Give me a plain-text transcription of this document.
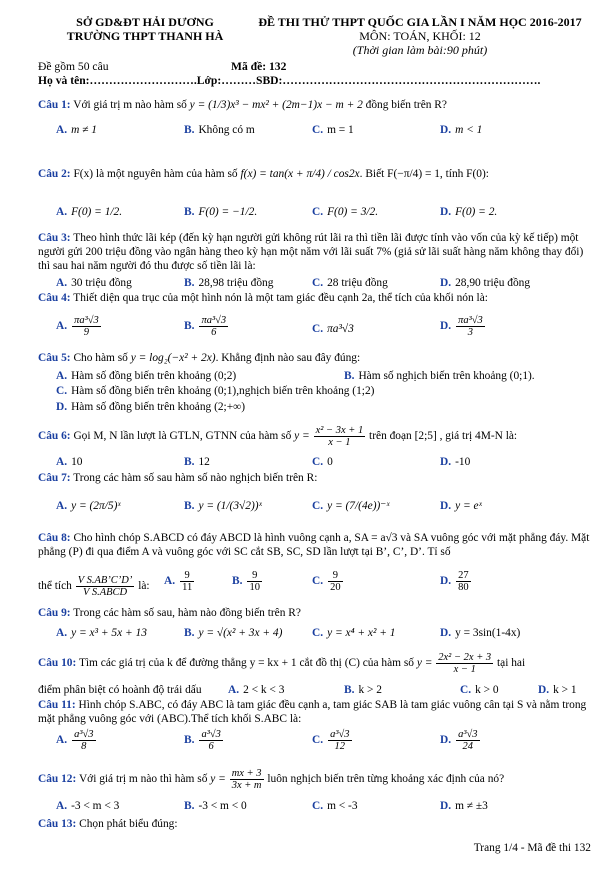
SỞ GD&ĐT HẢI DƯƠNG
TRƯỜNG THPT THANH HÀ
ĐỀ THI THỬ THPT QUỐC GIA LẦN I NĂM HỌC 2016-2017
MÔN: TOÁN, KHỐI: 12
(Thời gian làm bài:90 phút)
Đề gồm 50 câu	Mã đề: 132
Họ và tên:……………………….Lớp:………SBD:………………………………………………………….
Câu 1: Với giá trị m nào hàm số y = (1/3)x³ − mx² + (2m−1)x − m + 2 đồng biến trên R?
A. m ≠ 1	B. Không có m	C. m = 1	D. m < 1
Câu 2: F(x) là một nguyên hàm của hàm số f(x) = tan(x + π/4) / cos2x. Biết F(−π/4) = 1, tính F(0):
A. F(0) = 1/2.	B. F(0) = −1/2.	C. F(0) = 3/2.	D. F(0) = 2.
Câu 3: Theo hình thức lãi kép (đến kỳ hạn người gửi không rút lãi ra thì tiền lãi được tính vào vốn của kỳ kế tiếp) một người gửi 200 triệu đồng vào ngân hàng theo kỳ hạn một năm với lãi suất 7% (giả sử lãi suất hàng năm không thay đổi) thì sau hai năm người đó thu được số tiền lãi là:
A. 30 triệu đồng	B. 28,98 triệu đồng	C. 28 triệu đồng	D. 28,90 triệu đồng
Câu 4: Thiết diện qua trục của một hình nón là một tam giác đều cạnh 2a, thể tích của khối nón là:
A. $\frac{\text{πa³√3}}{9}$	B. $\frac{\text{πa³√3}}{6}$	C. πa³√3	D. $\frac{\text{πa³√3}}{3}$
Câu 5: Cho hàm số y = log₂(−x² + 2x). Khẳng định nào sau đây đúng:
A. Hàm số đồng biến trên khoảng (0;2)	B. Hàm số nghịch biến trên khoảng (0;1).
C. Hàm số đồng biến trên khoảng (0;1),nghịch biến trên khoảng (1;2)
D. Hàm số đồng biến trên khoảng (2;+∞)
Câu 6: Gọi M, N lần lượt là GTLN, GTNN của hàm số $y = \frac{\text{x² − 3x + 1}}{x - 1}$ trên đoạn [2;5] , giá trị 4M-N là:
A. 10	B. 12	C. 0	D. -10
Câu 7: Trong các hàm số sau hàm số nào nghịch biến trên R:
A. y = (2π/5)ˣ	B. y = (1/(3√2))ˣ	C. y = (7/(4e))⁻ˣ	D. y = eˣ
Câu 8: Cho hình chóp S.ABCD có đáy ABCD là hình vuông cạnh a, SA = a√3 và SA vuông góc với mặt phẳng đáy. Mặt phẳng (P) đi qua điểm A và vuông góc với SC cắt SB, SC, SD lần lượt tại B’, C’, D’. Tỉ số
thể tích $\frac{\text{V S.AB’C’D’}}{\text{V S.ABCD}}$ là: A. $\frac{9}{11}$	B. $\frac{9}{10}$	C. $\frac{9}{20}$	D. $\frac{27}{80}$
Câu 9: Trong các hàm số sau, hàm nào đồng biến trên R?
A. y = x³ + 5x + 13	B. y = √(x² + 3x + 4)	C. y = x⁴ + x² + 1	D. y = 3sin(1-4x)
Câu 10: Tìm các giá trị của k để đường thẳng y = kx + 1 cắt đồ thị (C) của hàm số $y = \frac{\text{2x² − 2x + 3}}{x - 1}$ tại hai
điểm phân biệt có hoành độ trái dấu A. 2 < k < 3	B. k > 2	C. k > 0	D. k > 1
Câu 11: Hình chóp S.ABC, có đáy ABC là tam giác đều cạnh a, tam giác SAB là tam giác vuông cân tại S và nằm trong mặt phẳng vuông góc với (ABC).Thể tích khối S.ABC là:
A. $\frac{\text{a³√3}}{8}$	B. $\frac{\text{a³√3}}{6}$	C. $\frac{\text{a³√3}}{12}$	D. $\frac{\text{a³√3}}{24}$
Câu 12: Với giá trị m nào thì hàm số $y = \frac{mx + 3}{3x + m}$ luôn nghịch biến trên từng khoảng xác định của nó?
A. -3 < m < 3	B. -3 < m < 0	C. m < -3	D. m ≠ ±3
Câu 13: Chọn phát biểu đúng:
Trang 1/4 - Mã đề thi 132
